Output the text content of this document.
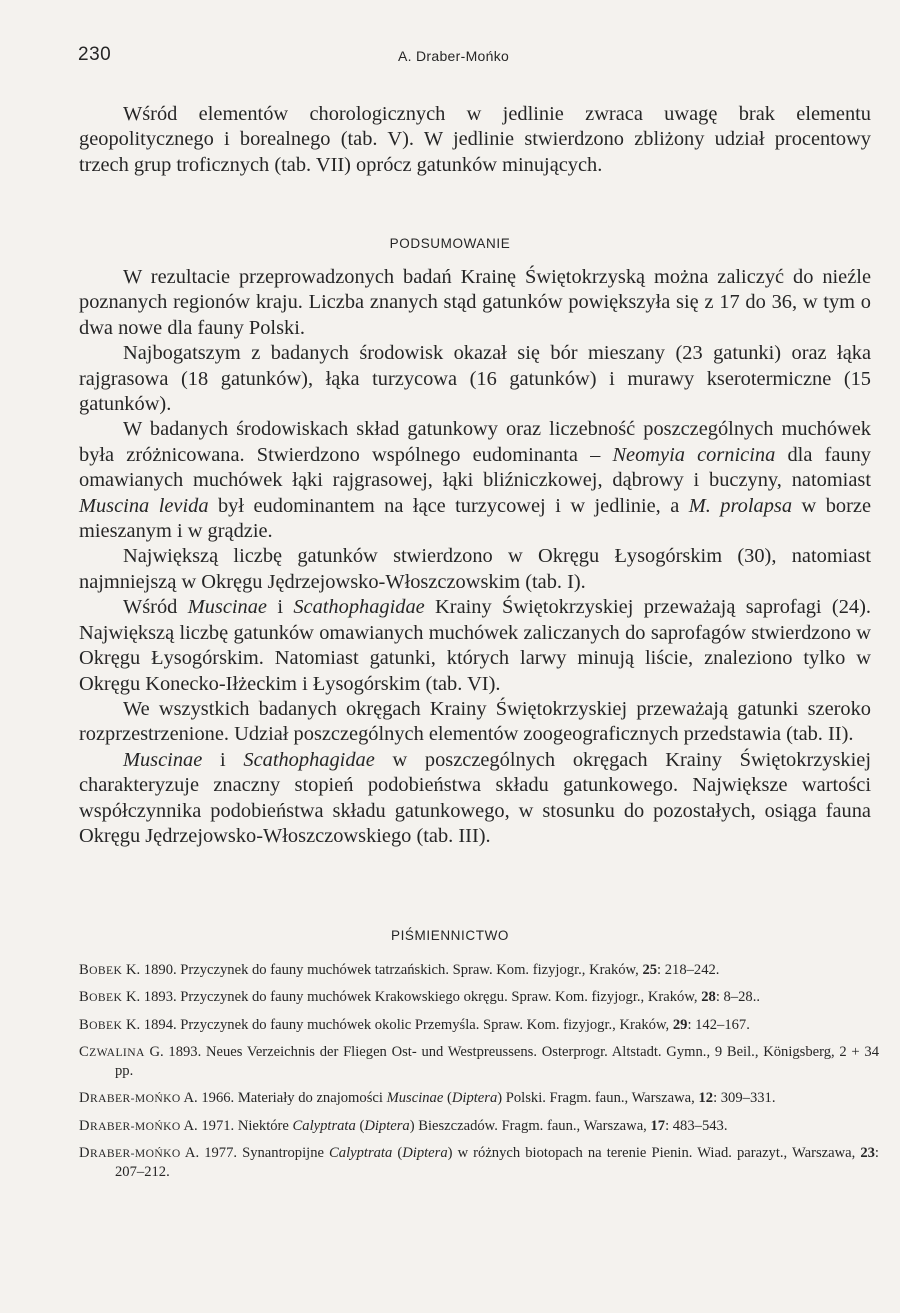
230	A. Draber-Mońko

Wśród elementów chorologicznych w jedlinie zwraca uwagę brak elementu geopolitycznego i borealnego (tab. V). W jedlinie stwierdzono zbliżony udział procentowy trzech grup troficznych (tab. VII) oprócz gatunków minujących.

PODSUMOWANIE

W rezultacie przeprowadzonych badań Krainę Świętokrzyską można zaliczyć do nieźle poznanych regionów kraju. Liczba znanych stąd gatunków powiększyła się z 17 do 36, w tym o dwa nowe dla fauny Polski.

Najbogatszym z badanych środowisk okazał się bór mieszany (23 gatunki) oraz łąka rajgrasowa (18 gatunków), łąka turzycowa (16 gatunków) i murawy kserotermiczne (15 gatunków).

W badanych środowiskach skład gatunkowy oraz liczebność poszczególnych muchówek była zróżnicowana. Stwierdzono wspólnego eudominanta – Neomyia cornicina dla fauny omawianych muchówek łąki rajgrasowej, łąki bliźniczkowej, dąbrowy i buczyny, natomiast Muscina levida był eudominantem na łące turzycowej i w jedlinie, a M. prolapsa w borze mieszanym i w grądzie.

Największą liczbę gatunków stwierdzono w Okręgu Łysogórskim (30), natomiast najmniejszą w Okręgu Jędrzejowsko-Włoszczowskim (tab. I).

Wśród Muscinae i Scathophagidae Krainy Świętokrzyskiej przeważają saprofagi (24). Największą liczbę gatunków omawianych muchówek zaliczanych do saprofagów stwierdzono w Okręgu Łysogórskim. Natomiast gatunki, których larwy minują liście, znaleziono tylko w Okręgu Konecko-Iłżeckim i Łysogórskim (tab. VI).

We wszystkich badanych okręgach Krainy Świętokrzyskiej przeważają gatunki szeroko rozprzestrzenione. Udział poszczególnych elementów zoogeograficznych przedstawia (tab. II).

Muscinae i Scathophagidae w poszczególnych okręgach Krainy Świętokrzyskiej charakteryzuje znaczny stopień podobieństwa składu gatunkowego. Największe wartości współczynnika podobieństwa składu gatunkowego, w stosunku do pozostałych, osiąga fauna Okręgu Jędrzejowsko-Włoszczowskiego (tab. III).

PIŚMIENNICTWO

BOBEK K. 1890. Przyczynek do fauny muchówek tatrzańskich. Spraw. Kom. fizyjogr., Kraków, 25: 218–242.

BOBEK K. 1893. Przyczynek do fauny muchówek Krakowskiego okręgu. Spraw. Kom. fizyjogr., Kraków, 28: 8–28..

BOBEK K. 1894. Przyczynek do fauny muchówek okolic Przemyśla. Spraw. Kom. fizyjogr., Kraków, 29: 142–167.

CZWALINA G. 1893. Neues Verzeichnis der Fliegen Ost- und Westpreussens. Osterprogr. Altstadt. Gymn., 9 Beil., Königsberg, 2 + 34 pp.

DRABER-MOŃKO A. 1966. Materiały do znajomości Muscinae (Diptera) Polski. Fragm. faun., Warszawa, 12: 309–331.

DRABER-MOŃKO A. 1971. Niektóre Calyptrata (Diptera) Bieszczadów. Fragm. faun., Warszawa, 17: 483–543.

DRABER-MOŃKO A. 1977. Synantropijne Calyptrata (Diptera) w różnych biotopach na terenie Pienin. Wiad. parazyt., Warszawa, 23: 207–212.
